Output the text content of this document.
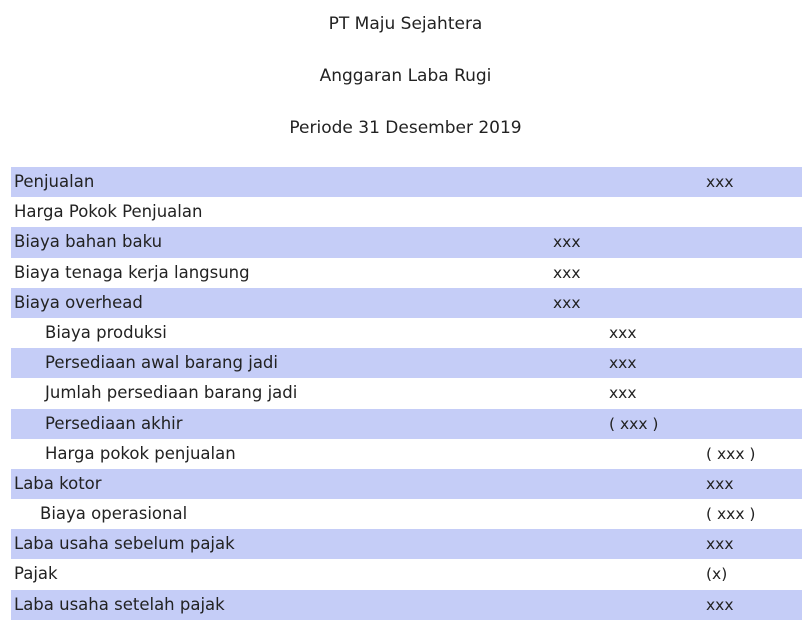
PT Maju Sejahtera
Anggaran Laba Rugi
Periode 31 Desember 2019
Penjualan	xxx
Harga Pokok Penjualan
Biaya bahan baku	xxx
Biaya tenaga kerja langsung	xxx
Biaya overhead	xxx
Biaya produksi	xxx
Persediaan awal barang jadi	xxx
Jumlah persediaan barang jadi	xxx
Persediaan akhir	( xxx )
Harga pokok penjualan	( xxx )
Laba kotor	xxx
Biaya operasional	( xxx )
Laba usaha sebelum pajak	xxx
Pajak	(x)
Laba usaha setelah pajak	xxx
